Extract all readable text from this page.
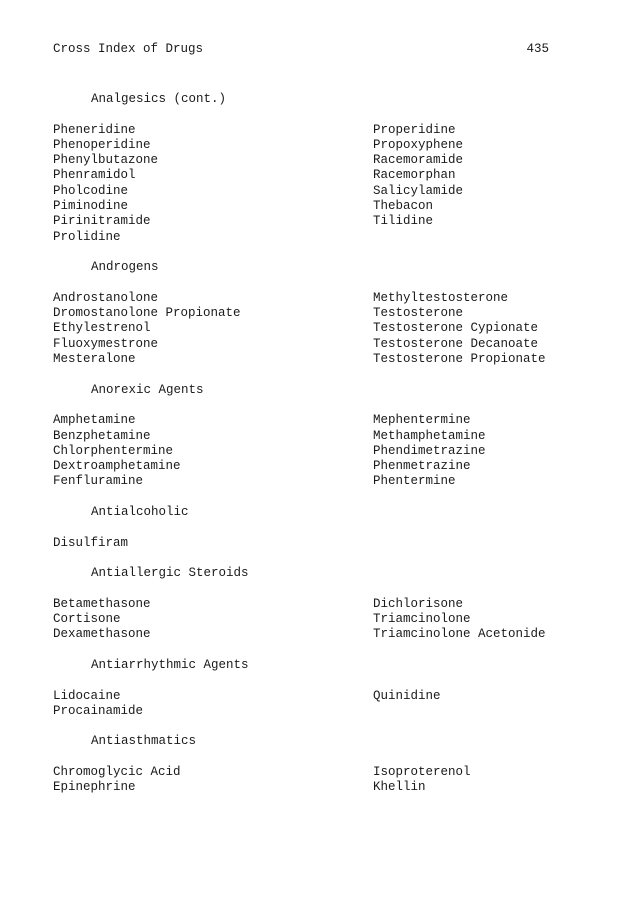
Cross Index of Drugs	435
Analgesics (cont.)
Pheneridine
Phenoperidine
Phenylbutazone
Phenramidol
Pholcodine
Piminodine
Pirinitramide
Prolidine
Properidine
Propoxyphene
Racemoramide
Racemorphan
Salicylamide
Thebacon
Tilidine
Androgens
Androstanolone
Dromostanolone Propionate
Ethylestrenol
Fluoxymestrone
Mesteralone
Methyltestosterone
Testosterone
Testosterone Cypionate
Testosterone Decanoate
Testosterone Propionate
Anorexic Agents
Amphetamine
Benzphetamine
Chlorphentermine
Dextroamphetamine
Fenfluramine
Mephentermine
Methamphetamine
Phendimetrazine
Phenmetrazine
Phentermine
Antialcoholic
Disulfiram
Antiallergic Steroids
Betamethasone
Cortisone
Dexamethasone
Dichlorisone
Triamcinolone
Triamcinolone Acetonide
Antiarrhythmic Agents
Lidocaine
Procainamide
Quinidine
Antiasthmatics
Chromoglycic Acid
Epinephrine
Isoproterenol
Khellin
